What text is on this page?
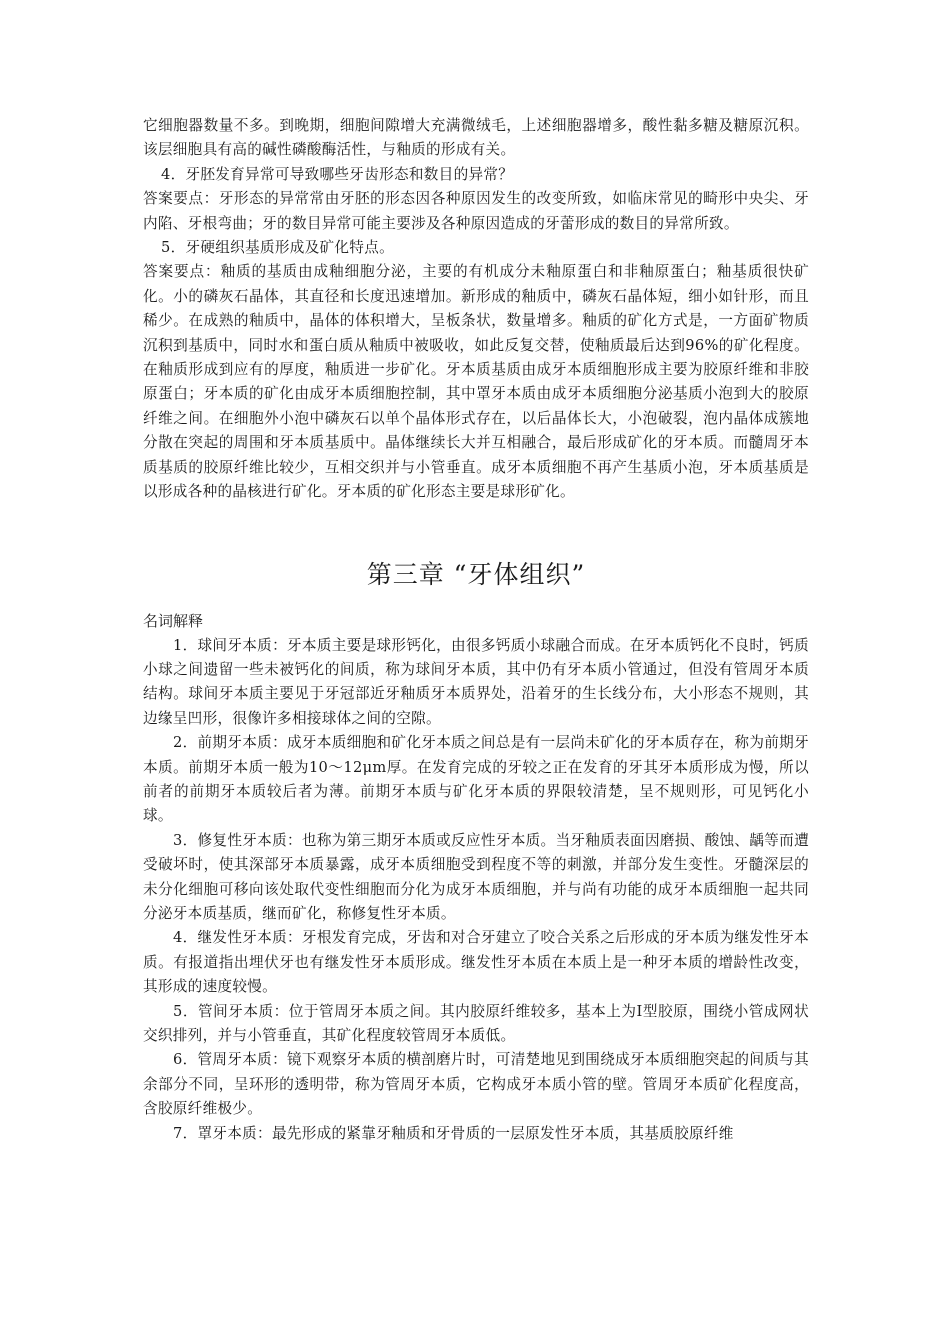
它细胞器数量不多。到晚期，细胞间隙增大充满微绒毛，上述细胞器增多，酸性黏多糖及糖原沉积。该层细胞具有高的碱性磷酸酶活性，与釉质的形成有关。

4．牙胚发育异常可导致哪些牙齿形态和数目的异常？

答案要点：牙形态的异常常由牙胚的形态因各种原因发生的改变所致，如临床常见的畸形中央尖、牙内陷、牙根弯曲；牙的数目异常可能主要涉及各种原因造成的牙蕾形成的数目的异常所致。

5．牙硬组织基质形成及矿化特点。

答案要点：釉质的基质由成釉细胞分泌，主要的有机成分未釉原蛋白和非釉原蛋白；釉基质很快矿化。小的磷灰石晶体，其直径和长度迅速增加。新形成的釉质中，磷灰石晶体短，细小如针形，而且稀少。在成熟的釉质中，晶体的体积增大，呈板条状，数量增多。釉质的矿化方式是，一方面矿物质沉积到基质中，同时水和蛋白质从釉质中被吸收，如此反复交替，使釉质最后达到96%的矿化程度。在釉质形成到应有的厚度，釉质进一步矿化。牙本质基质由成牙本质细胞形成主要为胶原纤维和非胶原蛋白；牙本质的矿化由成牙本质细胞控制，其中罩牙本质由成牙本质细胞分泌基质小泡到大的胶原纤维之间。在细胞外小泡中磷灰石以单个晶体形式存在，以后晶体长大，小泡破裂，泡内晶体成簇地分散在突起的周围和牙本质基质中。晶体继续长大并互相融合，最后形成矿化的牙本质。而髓周牙本质基质的胶原纤维比较少，互相交织并与小管垂直。成牙本质细胞不再产生基质小泡，牙本质基质是以形成各种的晶核进行矿化。牙本质的矿化形态主要是球形矿化。

第三章 “牙体组织”

名词解释

1．球间牙本质：牙本质主要是球形钙化，由很多钙质小球融合而成。在牙本质钙化不良时，钙质小球之间遗留一些未被钙化的间质，称为球间牙本质，其中仍有牙本质小管通过，但没有管周牙本质结构。球间牙本质主要见于牙冠部近牙釉质牙本质界处，沿着牙的生长线分布，大小形态不规则，其边缘呈凹形，很像许多相接球体之间的空隙。

2．前期牙本质：成牙本质细胞和矿化牙本质之间总是有一层尚未矿化的牙本质存在，称为前期牙本质。前期牙本质一般为10～12μm厚。在发育完成的牙较之正在发育的牙其牙本质形成为慢，所以前者的前期牙本质较后者为薄。前期牙本质与矿化牙本质的界限较清楚，呈不规则形，可见钙化小球。

3．修复性牙本质：也称为第三期牙本质或反应性牙本质。当牙釉质表面因磨损、酸蚀、龋等而遭受破坏时，使其深部牙本质暴露，成牙本质细胞受到程度不等的刺激，并部分发生变性。牙髓深层的未分化细胞可移向该处取代变性细胞而分化为成牙本质细胞，并与尚有功能的成牙本质细胞一起共同分泌牙本质基质，继而矿化，称修复性牙本质。

4．继发性牙本质：牙根发育完成，牙齿和对合牙建立了咬合关系之后形成的牙本质为继发性牙本质。有报道指出埋伏牙也有继发性牙本质形成。继发性牙本质在本质上是一种牙本质的增龄性改变，其形成的速度较慢。

5．管间牙本质：位于管周牙本质之间。其内胶原纤维较多，基本上为Ⅰ型胶原，围绕小管成网状交织排列，并与小管垂直，其矿化程度较管周牙本质低。

6．管周牙本质：镜下观察牙本质的横剖磨片时，可清楚地见到围绕成牙本质细胞突起的间质与其余部分不同，呈环形的透明带，称为管周牙本质，它构成牙本质小管的壁。管周牙本质矿化程度高，含胶原纤维极少。

7．罩牙本质：最先形成的紧靠牙釉质和牙骨质的一层原发性牙本质，其基质胶原纤维
